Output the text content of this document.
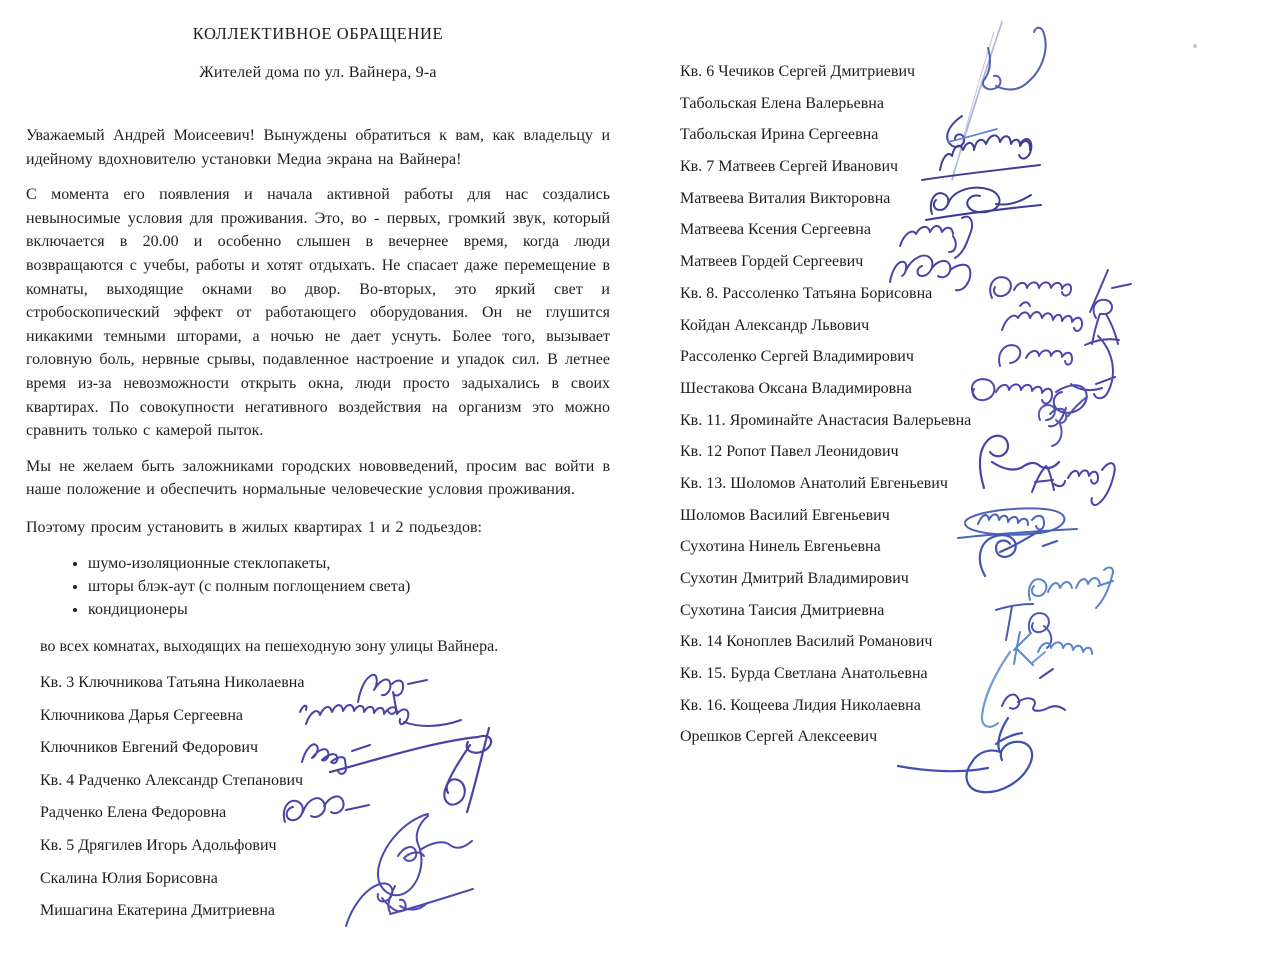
КОЛЛЕКТИВНОЕ ОБРАЩЕНИЕ

Жителей дома по ул. Вайнера, 9-а

Уважаемый Андрей Моисеевич! Вынуждены обратиться к вам, как владельцу и идейному вдохновителю установки Медиа экрана на Вайнера!

С момента его появления и начала активной работы для нас создались невыносимые условия для проживания. Это, во - первых, громкий звук, который включается в 20.00 и особенно слышен в вечернее время, когда люди возвращаются с учебы, работы и хотят отдыхать. Не спасает даже перемещение в комнаты, выходящие окнами во двор. Во-вторых, это яркий свет и стробоскопический эффект от работающего оборудования. Он не глушится никакими темными шторами, а ночью не дает уснуть. Более того, вызывает головную боль, нервные срывы, подавленное настроение и упадок сил. В летнее время из-за невозможности открыть окна, люди просто задыхались в своих квартирах. По совокупности негативного воздействия на организм это можно сравнить только с камерой пыток.

Мы не желаем быть заложниками городских нововведений, просим вас войти в наше положение и обеспечить нормальные человеческие условия проживания.

Поэтому просим установить в жилых квартирах 1 и 2 подьездов:

• шумо-изоляционные стеклопакеты,
• шторы блэк-аут (с полным поглощением света)
• кондиционеры

во всех комнатах, выходящих на пешеходную зону улицы Вайнера.

Кв. 3 Ключникова Татьяна Николаевна
Ключникова Дарья Сергеевна
Ключников Евгений Федорович
Кв. 4 Радченко Александр Степанович
Радченко Елена Федоровна
Кв. 5 Дрягилев Игорь Адольфович
Скалина Юлия Борисовна
Мишагина Екатерина Дмитриевна
Кв. 6 Чечиков Сергей Дмитриевич
Табольская Елена Валерьевна
Табольская Ирина Сергеевна
Кв. 7 Матвеев Сергей Иванович
Матвеева Виталия Викторовна
Матвеева Ксения Сергеевна
Матвеев Гордей Сергеевич
Кв. 8. Рассоленко Татьяна Борисовна
Койдан Александр Львович
Рассоленко Сергей Владимирович
Шестакова Оксана Владимировна
Кв. 11. Яроминайте Анастасия Валерьевна
Кв. 12 Ропот Павел Леонидович
Кв. 13. Шоломов Анатолий Евгеньевич
Шоломов Василий Евгеньевич
Сухотина Нинель Евгеньевна
Сухотин Дмитрий Владимирович
Сухотина Таисия Дмитриевна
Кв. 14 Коноплев Василий Романович
Кв. 15. Бурда Светлана Анатольевна
Кв. 16. Кощеева Лидия Николаевна
Орешков Сергей Алексеевич
